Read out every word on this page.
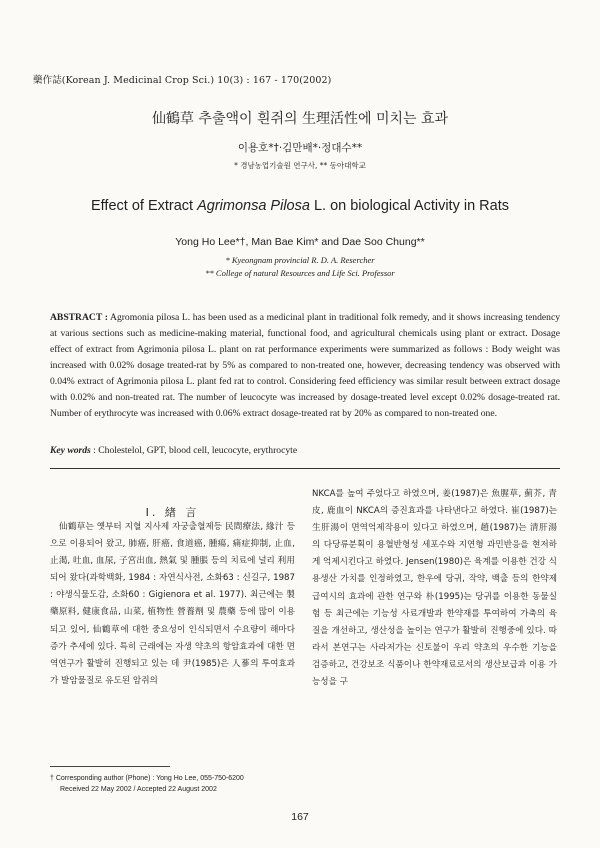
藥作誌(Korean J. Medicinal Crop Sci.) 10(3) : 167 - 170(2002)
仙鶴草 추출액이 흰쥐의 生理活性에 미치는 효과
이용호*†·김만배*·정대수**
* 경남농업기술원 연구사, ** 동아대학교
Effect of Extract Agrimonsa Pilosa L. on biological Activity in Rats
Yong Ho Lee*†, Man Bae Kim* and Dae Soo Chung**
* Kyeongnam provincial R. D. A. Resercher
** College of natural Resources and Life Sci. Professor
ABSTRACT : Agromonia pilosa L. has been used as a medicinal plant in traditional folk remedy, and it shows increasing tendency at various sections such as medicine-making material, functional food, and agricultural chemicals using plant or extract. Dosage effect of extract from Agrimonia pilosa L. plant on rat performance experiments were summarized as follows : Body weight was increased with 0.02% dosage treated-rat by 5% as compared to non-treated one, however, decreasing tendency was observed with 0.04% extract of Agrimonia pilosa L. plant fed rat to control. Considering feed efficiency was similar result between extract dosage with 0.02% and non-treated rat. The number of leucocyte was increased by dosage-treated level except 0.02% dosage-treated rat. Number of erythrocyte was increased with 0.06% extract dosage-treated rat by 20% as compared to non-treated one.
Key words : Cholestelol, GPT, blood cell, leucocyte, erythrocyte
Ⅰ. 緖 言

仙鶴草는 옛부터 지혈 지사제 자궁출혈제등 民間療法, 緣汁 등으로 이용되어 왔고, 肺癌, 肝癌, 食道癌, 腫瘍, 痛症抑制, 止血, 止渴, 吐血, 血尿, 子宮出血, 熱氣 및 腫脹 등의 치료에 널리 利用되어 왔다(과학백화, 1984 : 자연식사전, 소화63 : 신길구, 1987 : 야생식물도감, 소화60 : Gigienora et al. 1977). 최근에는 製藥原料, 健康食品, 山菜, 植物性 營養劑 및 農藥 등에 많이 이용되고 있어, 仙鶴草에 대한 중요성이 인식되면서 수요량이 해마다 증가 추세에 있다. 특히 근래에는 자생 약초의 항암효과에 대한 면역연구가 활발히 진행되고 있는 데 尹(1985)은 人蔘의 투여효과가 발암물질로 유도된 암쥐의

NKCA를 높여 주었다고 하였으며, 姜(1987)은 魚腥草, 薊芥, 青皮, 鹿血이 NKCA의 증진효과를 나타낸다고 하였다. 崔(1987)는 生肝湯이 면역억제작용이 있다고 하였으며, 趙(1987)는 清肝湯의 다당류분획이 용혈반형성 세포수와 지연형 과민반응을 현저하게 억제시킨다고 하였다. Jensen(1980)은 육계를 이용한 건강 식용생산 가치를 인정하였고, 한우에 당귀, 작약, 백출 등의 한약제 급여시의 효과에 관한 연구와 朴(1995)는 당귀를 이용한 동물실험 등 최근에는 기능성 사료개발과 한약재를 투여하여 가축의 육질을 개선하고, 생산성을 높이는 연구가 활발히 진행중에 있다. 따라서 본연구는 사라저가는 신토불이 우리 약초의 우수한 기능을 검증하고, 건강보조 식품이나 한약재료로서의 생산보급과 이용 가능성을 구

† Corresponding author (Phone) : Yong Ho Lee, 055-750-6200
Received 22 May 2002 / Accepted 22 August 2002
167
